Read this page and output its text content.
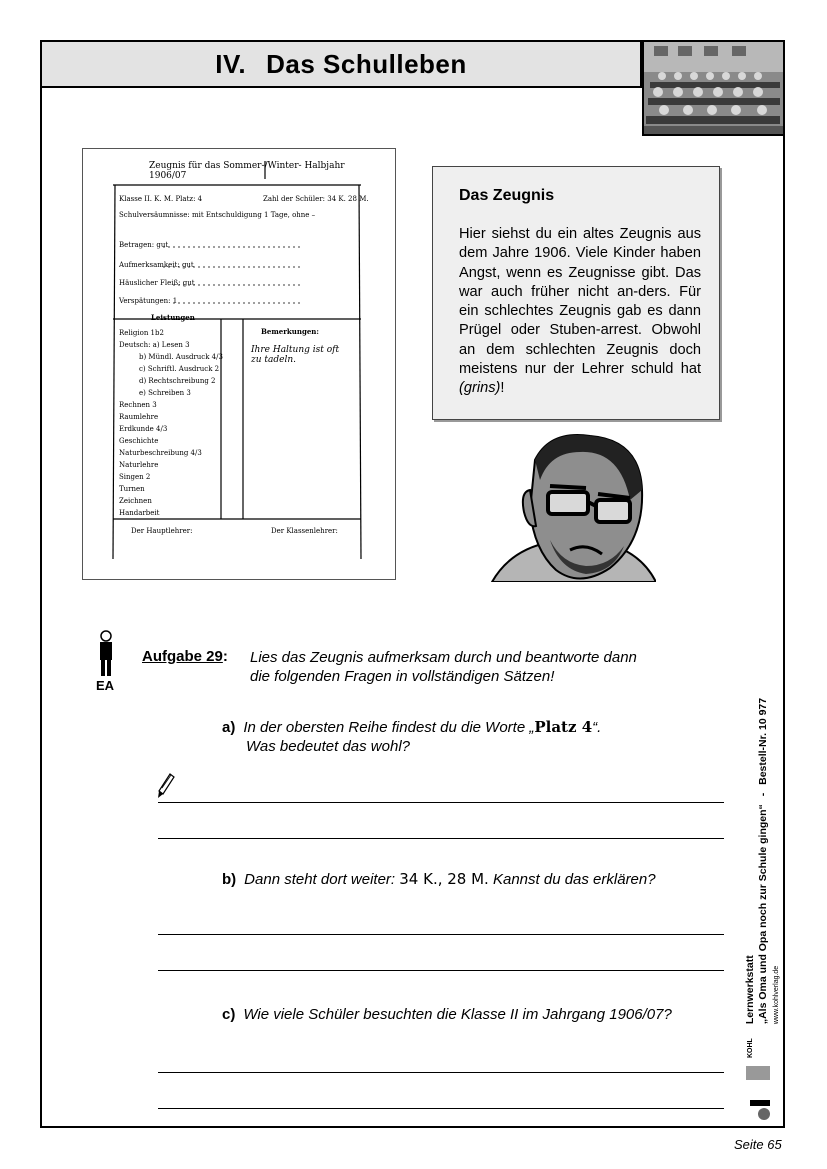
IV. Das Schulleben
Zeugnis für das Sommer-/Winter- Halbjahr 1906/07
Klasse II. K. M. Platz: 4	Zahl der Schüler: 34 K. 28 M.
Schulversäumnisse: mit Entschuldigung 1 Tage, ohne –
Betragen: gut
Aufmerksamkeit: gut
Häuslicher Fleiß: gut
Verspätungen: 1
Leistungen
Bemerkungen:
Religion 1b2
Deutsch: a) Lesen 3
b) Mündl. Ausdruck 4/3
c) Schriftl. Ausdruck 2
d) Rechtschreibung 2
e) Schreiben 3
Rechnen 3
Raumlehre
Erdkunde 4/3
Geschichte
Naturbeschreibung 4/3
Naturlehre
Singen 2
Turnen
Zeichnen
Handarbeit
Der Hauptlehrer:	Der Klassenlehrer:
Ihre Haltung ist oft zu tadeln.
Das Zeugnis

Hier siehst du ein altes Zeugnis aus dem Jahre 1906. Viele Kinder haben Angst, wenn es Zeugnisse gibt. Das war auch früher nicht an-ders. Für ein schlechtes Zeugnis gab es dann Prügel oder Stuben-arrest. Obwohl an dem schlechten Zeugnis doch meistens nur der Lehrer schuld hat (grins)!

EA
Aufgabe 29: Lies das Zeugnis aufmerksam durch und beantworte dann
die folgenden Fragen in vollständigen Sätzen!
a) In der obersten Reihe findest du die Worte „Platz 4“.
Was bedeutet das wohl?
b) Dann steht dort weiter: 34 K., 28 M. Kannst du das erklären?
c) Wie viele Schüler besuchten die Klasse II im Jahrgang 1906/07?
KOHL
Lernwerkstatt „Als Oma und Opa noch zur Schule gingen“ - Bestell-Nr. 10 977
www.kohlverlag.de
Seite 65
